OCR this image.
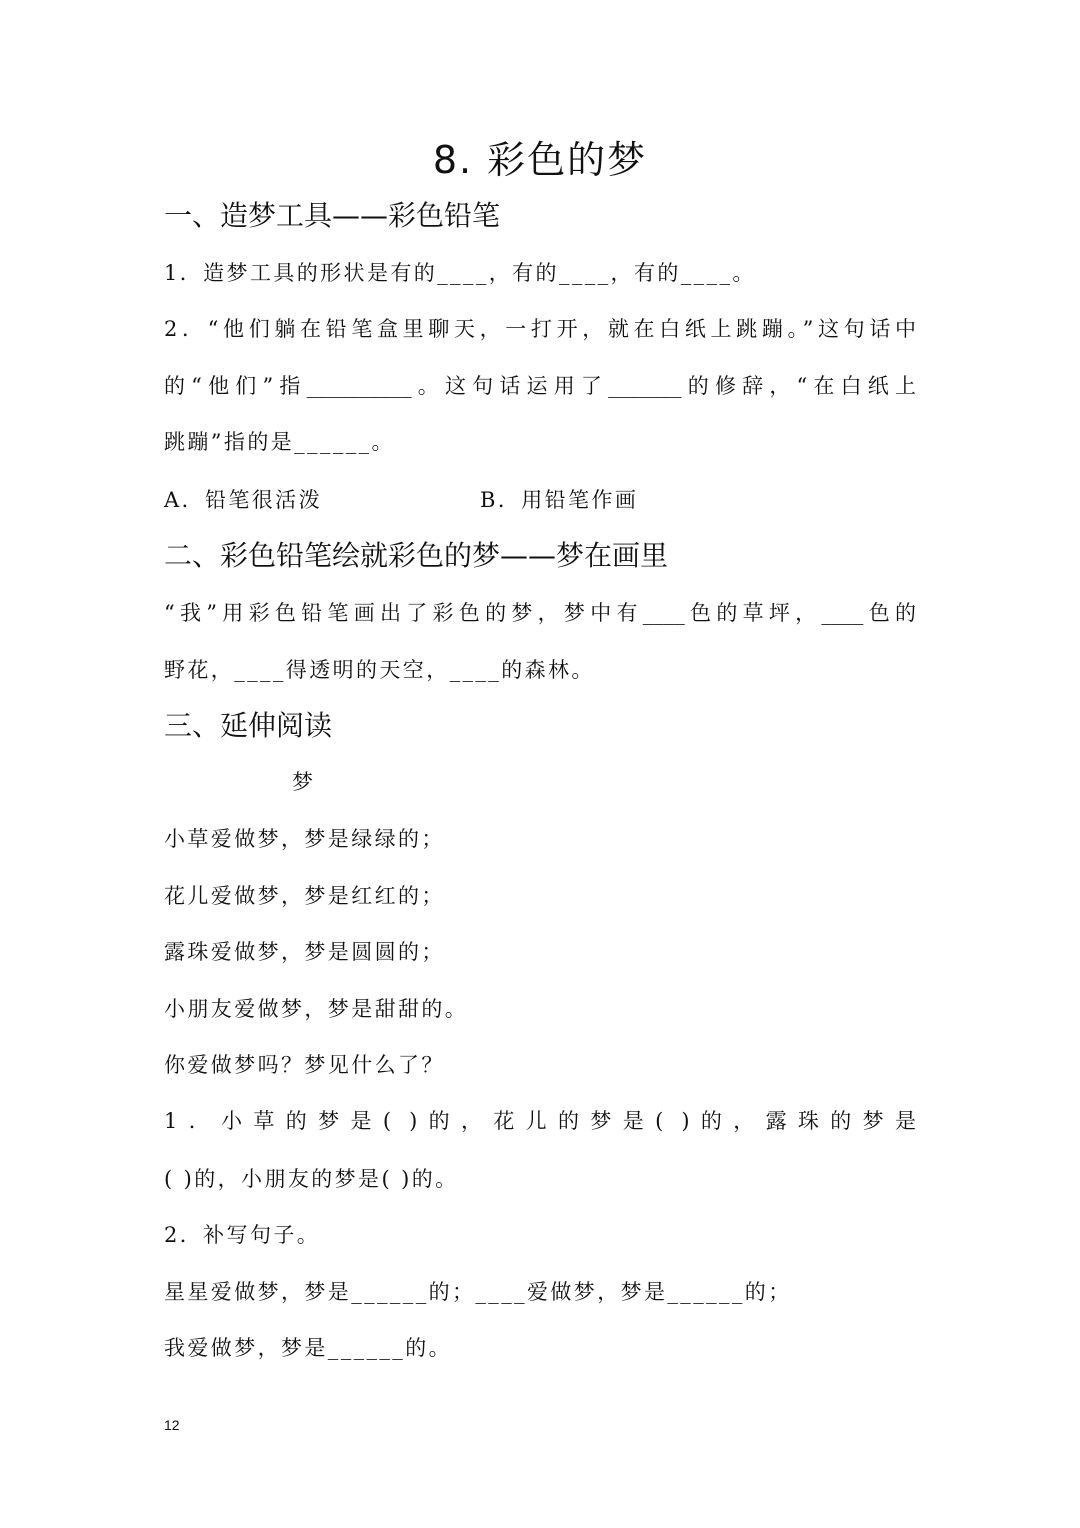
8. 彩色的梦
一、造梦工具——彩色铅笔
1．造梦工具的形状是有的____，有的____，有的____。
2．“他们躺在铅笔盒里聊天，一打开，就在白纸上跳蹦。”这句话中
的“他们”指__________。这句话运用了_______的修辞，“在白纸上
跳蹦”指的是______。
A．铅笔很活泼	B．用铅笔作画
二、彩色铅笔绘就彩色的梦——梦在画里
“我”用彩色铅笔画出了彩色的梦，梦中有____色的草坪，____色的
野花，____得透明的天空，____的森林。
三、延伸阅读
梦
小草爱做梦，梦是绿绿的；
花儿爱做梦，梦是红红的；
露珠爱做梦，梦是圆圆的；
小朋友爱做梦，梦是甜甜的。
你爱做梦吗？梦见什么了？
1．小草的梦是( )的，花儿的梦是( )的，露珠的梦是
( )的，小朋友的梦是( )的。
2．补写句子。
星星爱做梦，梦是______的；____爱做梦，梦是______的；
我爱做梦，梦是______的。
12
